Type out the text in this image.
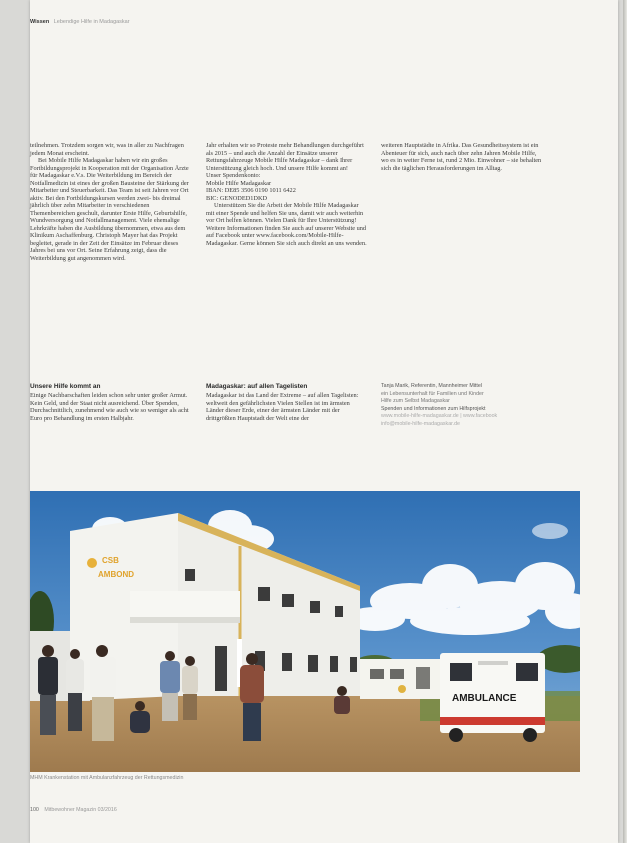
Wissen Lebendige Hilfe in Madagaskar

teilnehmen. Trotzdem sorgen wir, was in aller zu Nachfragen jedem Monat erscheint.

Bei Mobile Hilfe Madagaskar haben wir ein großes Fortbildungsprojekt in Kooperation mit der Organisation Ärzte für Madagaskar e.V.s. Die Weiterbildung im Bereich der Notfallmedizin ist eines der großen Bausteine der Stärkung der Mitarbeiter und Steuerbarkeit. Das Team ist seit Jahren vor Ort aktiv. Bei den Fortbildungskursen werden zwei- bis dreimal jährlich über zehn Mitarbeiter in verschiedenen Themenbereichen geschult, darunter Erste Hilfe, Geburtshilfe, Wundversorgung und Notfallmanagement. Viele ehemalige Lehrkräfte haben die Ausbildung übernommen, etwa aus dem Klinikum Aschaffenburg. Christoph Mayer hat das Projekt begleitet, gerade in der Zeit der Einsätze im Februar dieses Jahres bei uns vor Ort. Seine Erfahrung zeigt, dass die Weiterbildung gut angenommen wird.

Jahr erhalten wir so Proteste mehr Behandlungen durchgeführt als 2015 – und auch die Anzahl der Einsätze unserer Rettungsfahrzeuge Mobile Hilfe Madagaskar – dank Ihrer Unterstützung gleich hoch. Und unsere Hilfe kommt an!

Unser Spendenkonto:

Mobile Hilfe Madagaskar

IBAN: DE85 3506 0190 1011 6422

BIC: GENODED1DKD

Unterstützen Sie die Arbeit der Mobile Hilfe Madagaskar mit einer Spende und helfen Sie uns, damit wir auch weiterhin vor Ort helfen können. Vielen Dank für Ihre Unterstützung! Weitere Informationen finden Sie auch auf unserer Website und auf Facebook unter www.facebook.com/Mobile-Hilfe-Madagaskar. Gerne können Sie sich auch direkt an uns wenden.

weiteren Hauptstädte in Afrika. Das Gesundheitssystem ist ein Abenteuer für sich, auch nach über zehn Jahren Mobile Hilfe, wo es in weiter Ferne ist, rund 2 Mio. Einwohner – sie behalten sich die täglichen Herausforderungen im Alltag.

Unsere Hilfe kommt an

Einige Nachbarschaften leiden schon sehr unter großer Armut. Kein Geld, und der Staat nicht ausreichend. Über Spenden, Durchschnittlich, zunehmend wie auch wie so weniger als acht Euro pro Behandlung im ersten Halbjahr.

Madagaskar: auf allen Tagelisten

Madagaskar ist das Land der Extreme – auf allen Tagelisten: weltweit den gefährlichsten Vielen Stellen ist im ärmsten Länder dieser Erde, einer der ärmsten Länder mit der drittgrößten Hauptstadt der Welt eine der

Tanja Marik, Referentin, Mannheimer Mittel
ein Lebensunterhalt für Familien und Kinder
Hilfe zum Selbst Madagaskar
Spenden und Informationen zum Hilfsprojekt
www.mobile-hilfe-madagaskar.de | www.facebook
info@mobile-hilfe-madagaskar.de
CSB
AMBOND
AMBULANCE
MHM Krankenstation mit Ambulanzfahrzeug der Rettungsmedizin
100 Mitbewohner Magazin 03/2016
